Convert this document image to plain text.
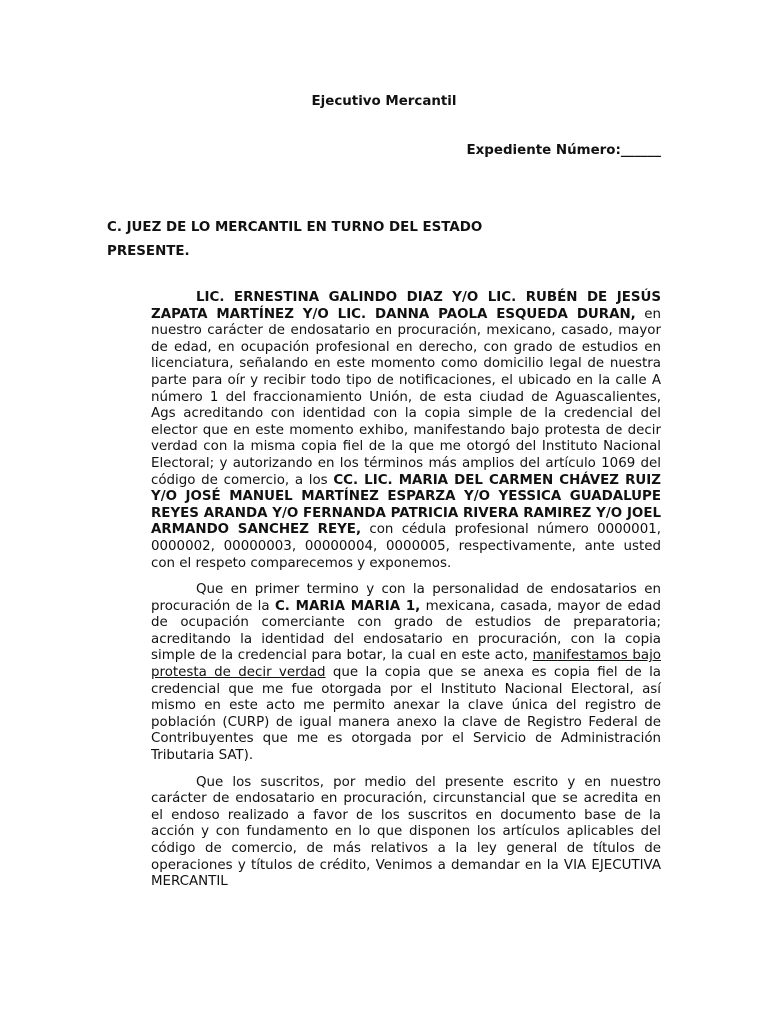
Ejecutivo Mercantil
Expediente Número:______
C. JUEZ DE LO MERCANTIL EN TURNO DEL ESTADO
PRESENTE.

LIC. ERNESTINA GALINDO DIAZ Y/O LIC. RUBÉN DE JESÚS ZAPATA MARTÍNEZ Y/O LIC. DANNA PAOLA ESQUEDA DURAN, en nuestro carácter de endosatario en procuración, mexicano, casado, mayor de edad, en ocupación profesional en derecho, con grado de estudios en licenciatura, señalando en este momento como domicilio legal de nuestra parte para oír y recibir todo tipo de notificaciones, el ubicado en la calle A número 1 del fraccionamiento Unión, de esta ciudad de Aguascalientes, Ags acreditando con identidad con la copia simple de la credencial del elector que en este momento exhibo, manifestando bajo protesta de decir verdad con la misma copia fiel de la que me otorgó del Instituto Nacional Electoral; y autorizando en los términos más amplios del artículo 1069 del código de comercio, a los CC. LIC. MARIA DEL CARMEN CHÁVEZ RUIZ Y/O JOSÉ MANUEL MARTÍNEZ ESPARZA Y/O YESSICA GUADALUPE REYES ARANDA Y/O FERNANDA PATRICIA RIVERA RAMIREZ Y/O JOEL ARMANDO SANCHEZ REYE, con cédula profesional número 0000001, 0000002, 00000003, 00000004, 0000005, respectivamente, ante usted con el respeto comparecemos y exponemos.

Que en primer termino y con la personalidad de endosatarios en procuración de la C. MARIA MARIA 1, mexicana, casada, mayor de edad de ocupación comerciante con grado de estudios de preparatoria; acreditando la identidad del endosatario en procuración, con la copia simple de la credencial para botar, la cual en este acto, manifestamos bajo protesta de decir verdad que la copia que se anexa es copia fiel de la credencial que me fue otorgada por el Instituto Nacional Electoral, así mismo en este acto me permito anexar la clave única del registro de población (CURP) de igual manera anexo la clave de Registro Federal de Contribuyentes que me es otorgada por el Servicio de Administración Tributaria SAT).

Que los suscritos, por medio del presente escrito y en nuestro carácter de endosatario en procuración, circunstancial que se acredita en el endoso realizado a favor de los suscritos en documento base de la acción y con fundamento en lo que disponen los artículos aplicables del código de comercio, de más relativos a la ley general de títulos de operaciones y títulos de crédito, Venimos a demandar en la VIA EJECUTIVA MERCANTIL
